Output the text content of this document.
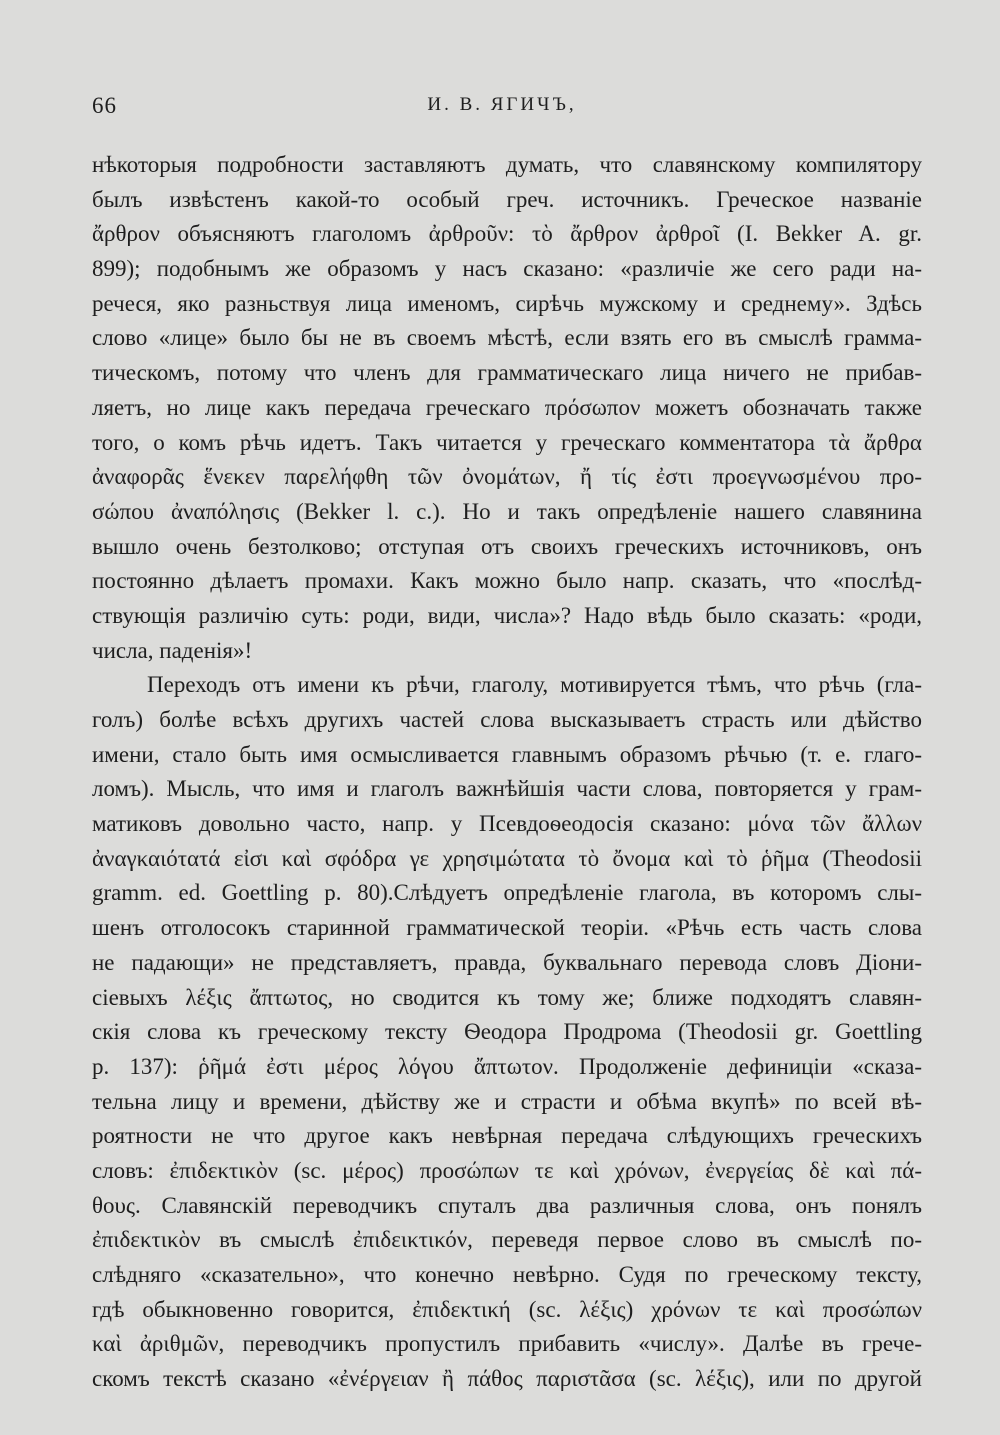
66	И. В. ЯГИЧЪ,
нѣкоторыя подробности заставляютъ думать, что славянскому компилятору
былъ извѣстенъ какой-то особый греч. источникъ. Греческое названіе
ἄρθρον объясняютъ глаголомъ ἀρθροῦν: τὸ ἄρθρον ἀρθροῖ (I. Bekker A. gr.
899); подобнымъ же образомъ у насъ сказано: «различіе же сего ради на-
речеся, яко разньствуя лица именомъ, сирѣчь мужскому и среднему». Здѣсь
слово «лице» было бы не въ своемъ мѣстѣ, если взять его въ смыслѣ грамма-
тическомъ, потому что членъ для грамматическаго лица ничего не прибав-
ляетъ, но лице какъ передача греческаго πρόσωπον можетъ обозначать также
того, о комъ рѣчь идетъ. Такъ читается у греческаго комментатора τὰ ἄρθρα
ἀναφορᾶς ἕνεκεν παρελήφθη τῶν ὀνομάτων, ἤ τίς ἐστι προεγνωσμένου προ-
σώπου ἀναπόλησις (Bekker l. c.). Но и такъ опредѣленіе нашего славянина
вышло очень безтолково; отступая отъ своихъ греческихъ источниковъ, онъ
постоянно дѣлаетъ промахи. Какъ можно было напр. сказать, что «послѣд-
ствующія различію суть: роди, види, числа»? Надо вѣдь было сказать: «роди,
числа, паденія»!
Переходъ отъ имени къ рѣчи, глаголу, мотивируется тѣмъ, что рѣчь (гла-
голъ) болѣе всѣхъ другихъ частей слова высказываетъ страсть или дѣйство
имени, стало быть имя осмысливается главнымъ образомъ рѣчью (т. е. глаго-
ломъ). Мысль, что имя и глаголъ важнѣйшія части слова, повторяется у грам-
матиковъ довольно часто, напр. у Псевдоѳеодосія сказано: μόνα τῶν ἄλλων
ἀναγκαιότατά εἰσι καὶ σφόδρα γε χρησιμώτατα τὸ ὄνομα καὶ τὸ ῥῆμα (Theodosii
gramm. ed. Goettling p. 80).Слѣдуетъ опредѣленіе глагола, въ которомъ слы-
шенъ отголосокъ старинной грамматической теоріи. «Рѣчь есть часть слова
не падающи» не представляетъ, правда, буквальнаго перевода словъ Діони-
сіевыхъ λέξις ἄπτωτος, но сводится къ тому же; ближе подходятъ славян-
скія слова къ греческому тексту Ѳеодора Продрома (Theodosii gr. Goettling
p. 137): ῥῆμά ἐστι μέρος λόγου ἄπτωτον. Продолженіе дефиниціи «сказа-
тельна лицу и времени, дѣйству же и страсти и обѣма вкупѣ» по всей вѣ-
роятности не что другое какъ невѣрная передача слѣдующихъ греческихъ
словъ: ἐπιδεκτικὸν (sc. μέρος) προσώπων τε καὶ χρόνων, ἐνεργείας δὲ καὶ πά-
θους. Славянскій переводчикъ спуталъ два различныя слова, онъ понялъ
ἐπιδεκτικὸν въ смыслѣ ἐπιδεικτικόν, переведя первое слово въ смыслѣ по-
слѣдняго «сказательно», что конечно невѣрно. Судя по греческому тексту,
гдѣ обыкновенно говорится, ἐπιδεκτική (sc. λέξις) χρόνων τε καὶ προσώπων
καὶ ἀριθμῶν, переводчикъ пропустилъ прибавить «числу». Далѣе въ грече-
скомъ текстѣ сказано «ἐνέργειαν ἢ πάθος παριστᾶσα (sc. λέξις), или по другой
